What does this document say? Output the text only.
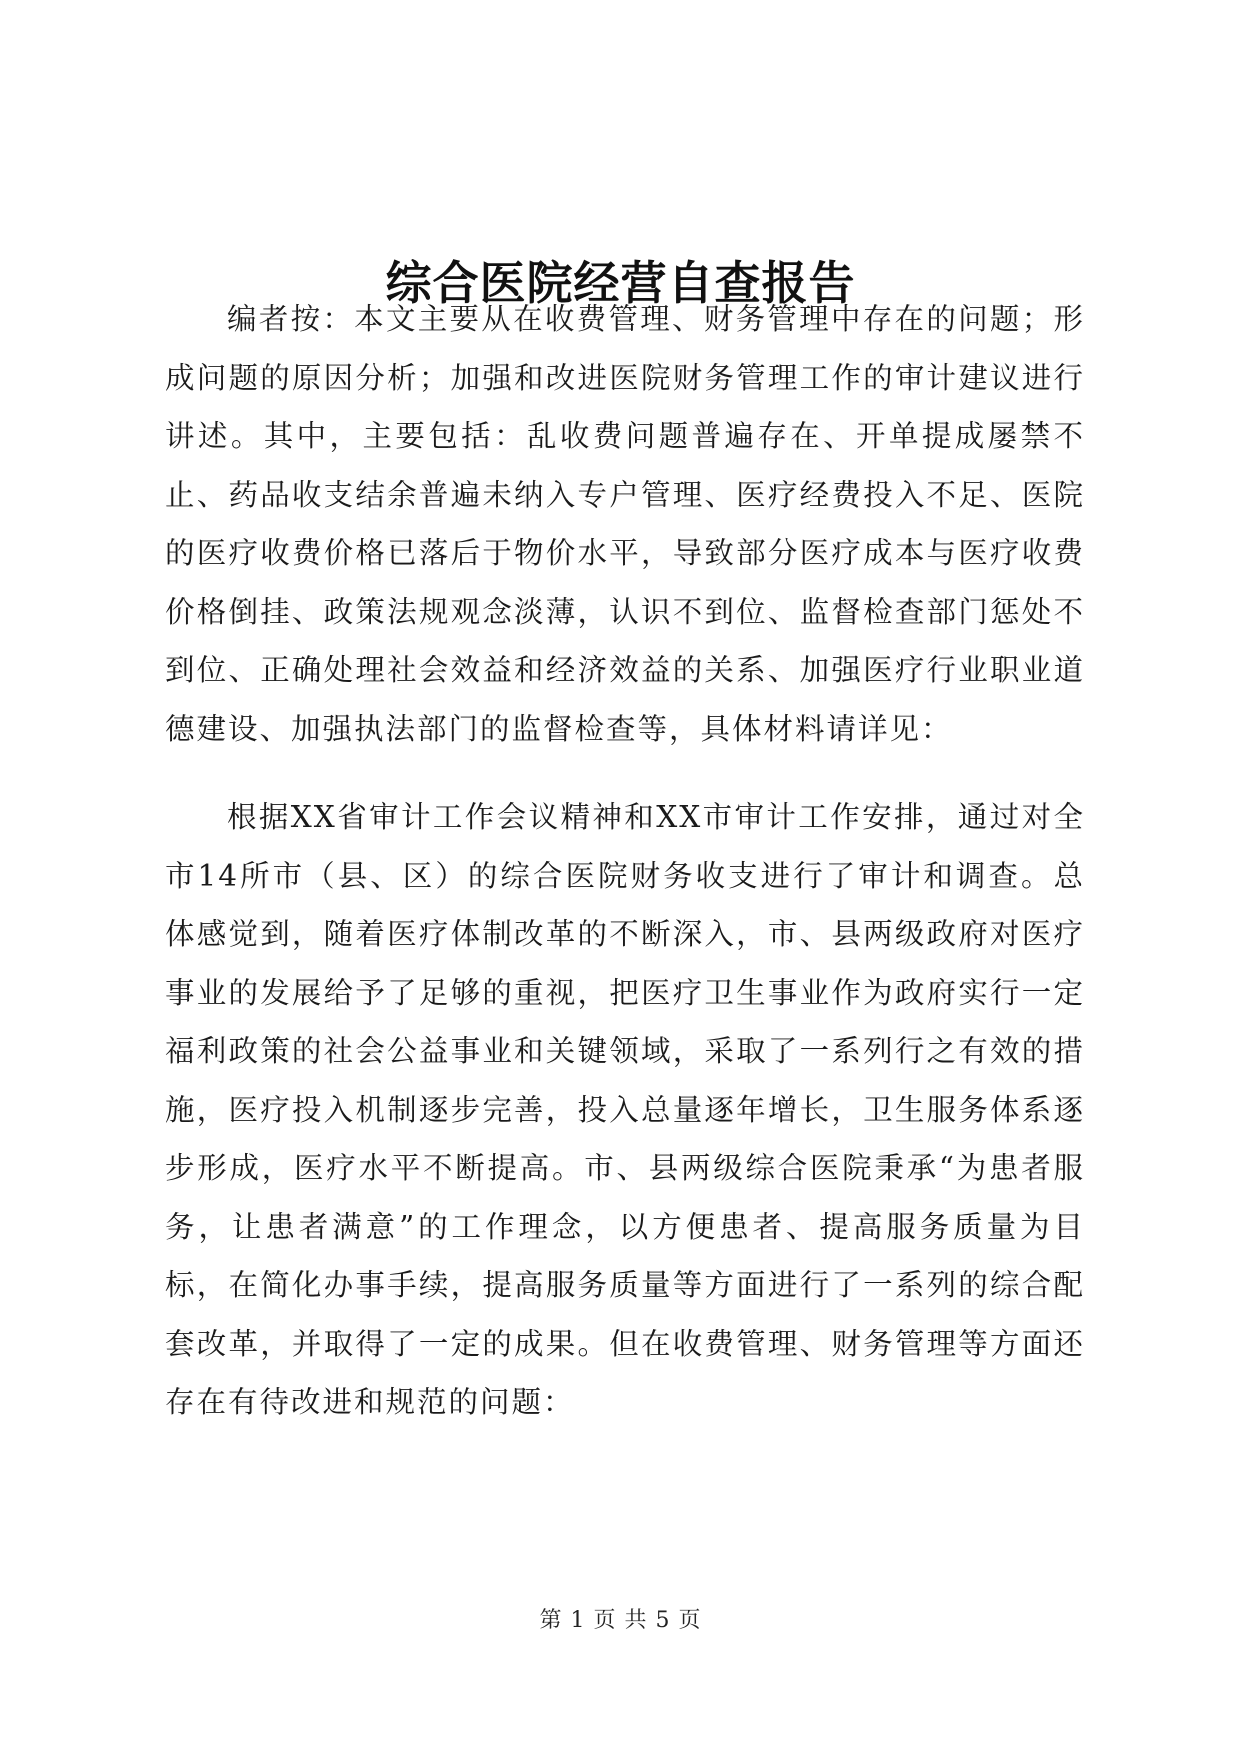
综合医院经营自查报告

编者按：本文主要从在收费管理、财务管理中存在的问题；形成问题的原因分析；加强和改进医院财务管理工作的审计建议进行讲述。其中，主要包括：乱收费问题普遍存在、开单提成屡禁不止、药品收支结余普遍未纳入专户管理、医疗经费投入不足、医院的医疗收费价格已落后于物价水平，导致部分医疗成本与医疗收费价格倒挂、政策法规观念淡薄，认识不到位、监督检查部门惩处不到位、正确处理社会效益和经济效益的关系、加强医疗行业职业道德建设、加强执法部门的监督检查等，具体材料请详见：

根据XX省审计工作会议精神和XX市审计工作安排，通过对全市14所市（县、区）的综合医院财务收支进行了审计和调查。总体感觉到，随着医疗体制改革的不断深入，市、县两级政府对医疗事业的发展给予了足够的重视，把医疗卫生事业作为政府实行一定福利政策的社会公益事业和关键领域，采取了一系列行之有效的措施，医疗投入机制逐步完善，投入总量逐年增长，卫生服务体系逐步形成，医疗水平不断提高。市、县两级综合医院秉承“为患者服务，让患者满意”的工作理念，以方便患者、提高服务质量为目标，在简化办事手续，提高服务质量等方面进行了一系列的综合配套改革，并取得了一定的成果。但在收费管理、财务管理等方面还存在有待改进和规范的问题：

第 1 页 共 5 页
